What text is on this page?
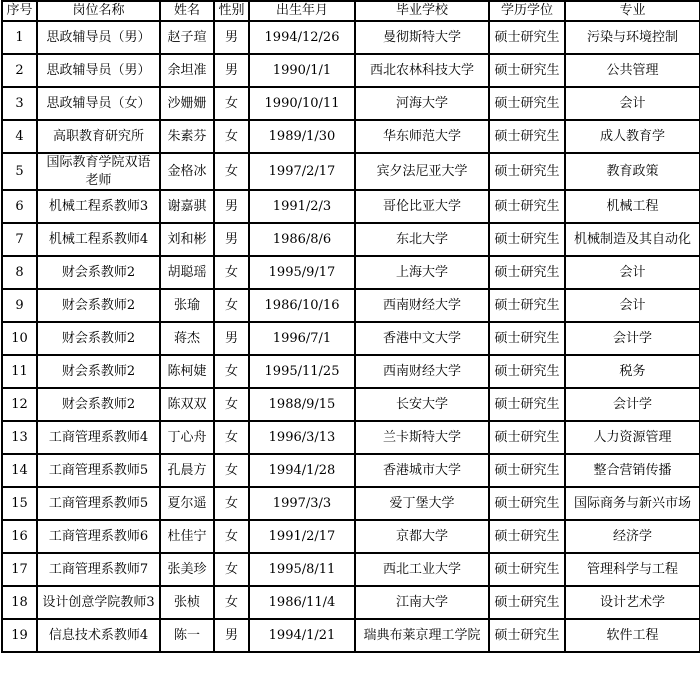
序号	岗位名称	姓名	性别	出生年月	毕业学校	学历学位	专业
1	思政辅导员（男）	赵子瑄	男	1994/12/26	曼彻斯特大学	硕士研究生	污染与环境控制
2	思政辅导员（男）	余坦准	男	1990/1/1	西北农林科技大学	硕士研究生	公共管理
3	思政辅导员（女）	沙姗姗	女	1990/10/11	河海大学	硕士研究生	会计
4	高职教育研究所	朱素芬	女	1989/1/30	华东师范大学	硕士研究生	成人教育学
5	国际教育学院双语老师	金格冰	女	1997/2/17	宾夕法尼亚大学	硕士研究生	教育政策
6	机械工程系教师3	谢嘉骐	男	1991/2/3	哥伦比亚大学	硕士研究生	机械工程
7	机械工程系教师4	刘和彬	男	1986/8/6	东北大学	硕士研究生	机械制造及其自动化
8	财会系教师2	胡聪瑶	女	1995/9/17	上海大学	硕士研究生	会计
9	财会系教师2	张瑜	女	1986/10/16	西南财经大学	硕士研究生	会计
10	财会系教师2	蒋杰	男	1996/7/1	香港中文大学	硕士研究生	会计学
11	财会系教师2	陈柯婕	女	1995/11/25	西南财经大学	硕士研究生	税务
12	财会系教师2	陈双双	女	1988/9/15	长安大学	硕士研究生	会计学
13	工商管理系教师4	丁心舟	女	1996/3/13	兰卡斯特大学	硕士研究生	人力资源管理
14	工商管理系教师5	孔晨方	女	1994/1/28	香港城市大学	硕士研究生	整合营销传播
15	工商管理系教师5	夏尔遥	女	1997/3/3	爱丁堡大学	硕士研究生	国际商务与新兴市场
16	工商管理系教师6	杜佳宁	女	1991/2/17	京都大学	硕士研究生	经济学
17	工商管理系教师7	张美珍	女	1995/8/11	西北工业大学	硕士研究生	管理科学与工程
18	设计创意学院教师3	张桢	女	1986/11/4	江南大学	硕士研究生	设计艺术学
19	信息技术系教师4	陈一	男	1994/1/21	瑞典布莱京理工学院	硕士研究生	软件工程
